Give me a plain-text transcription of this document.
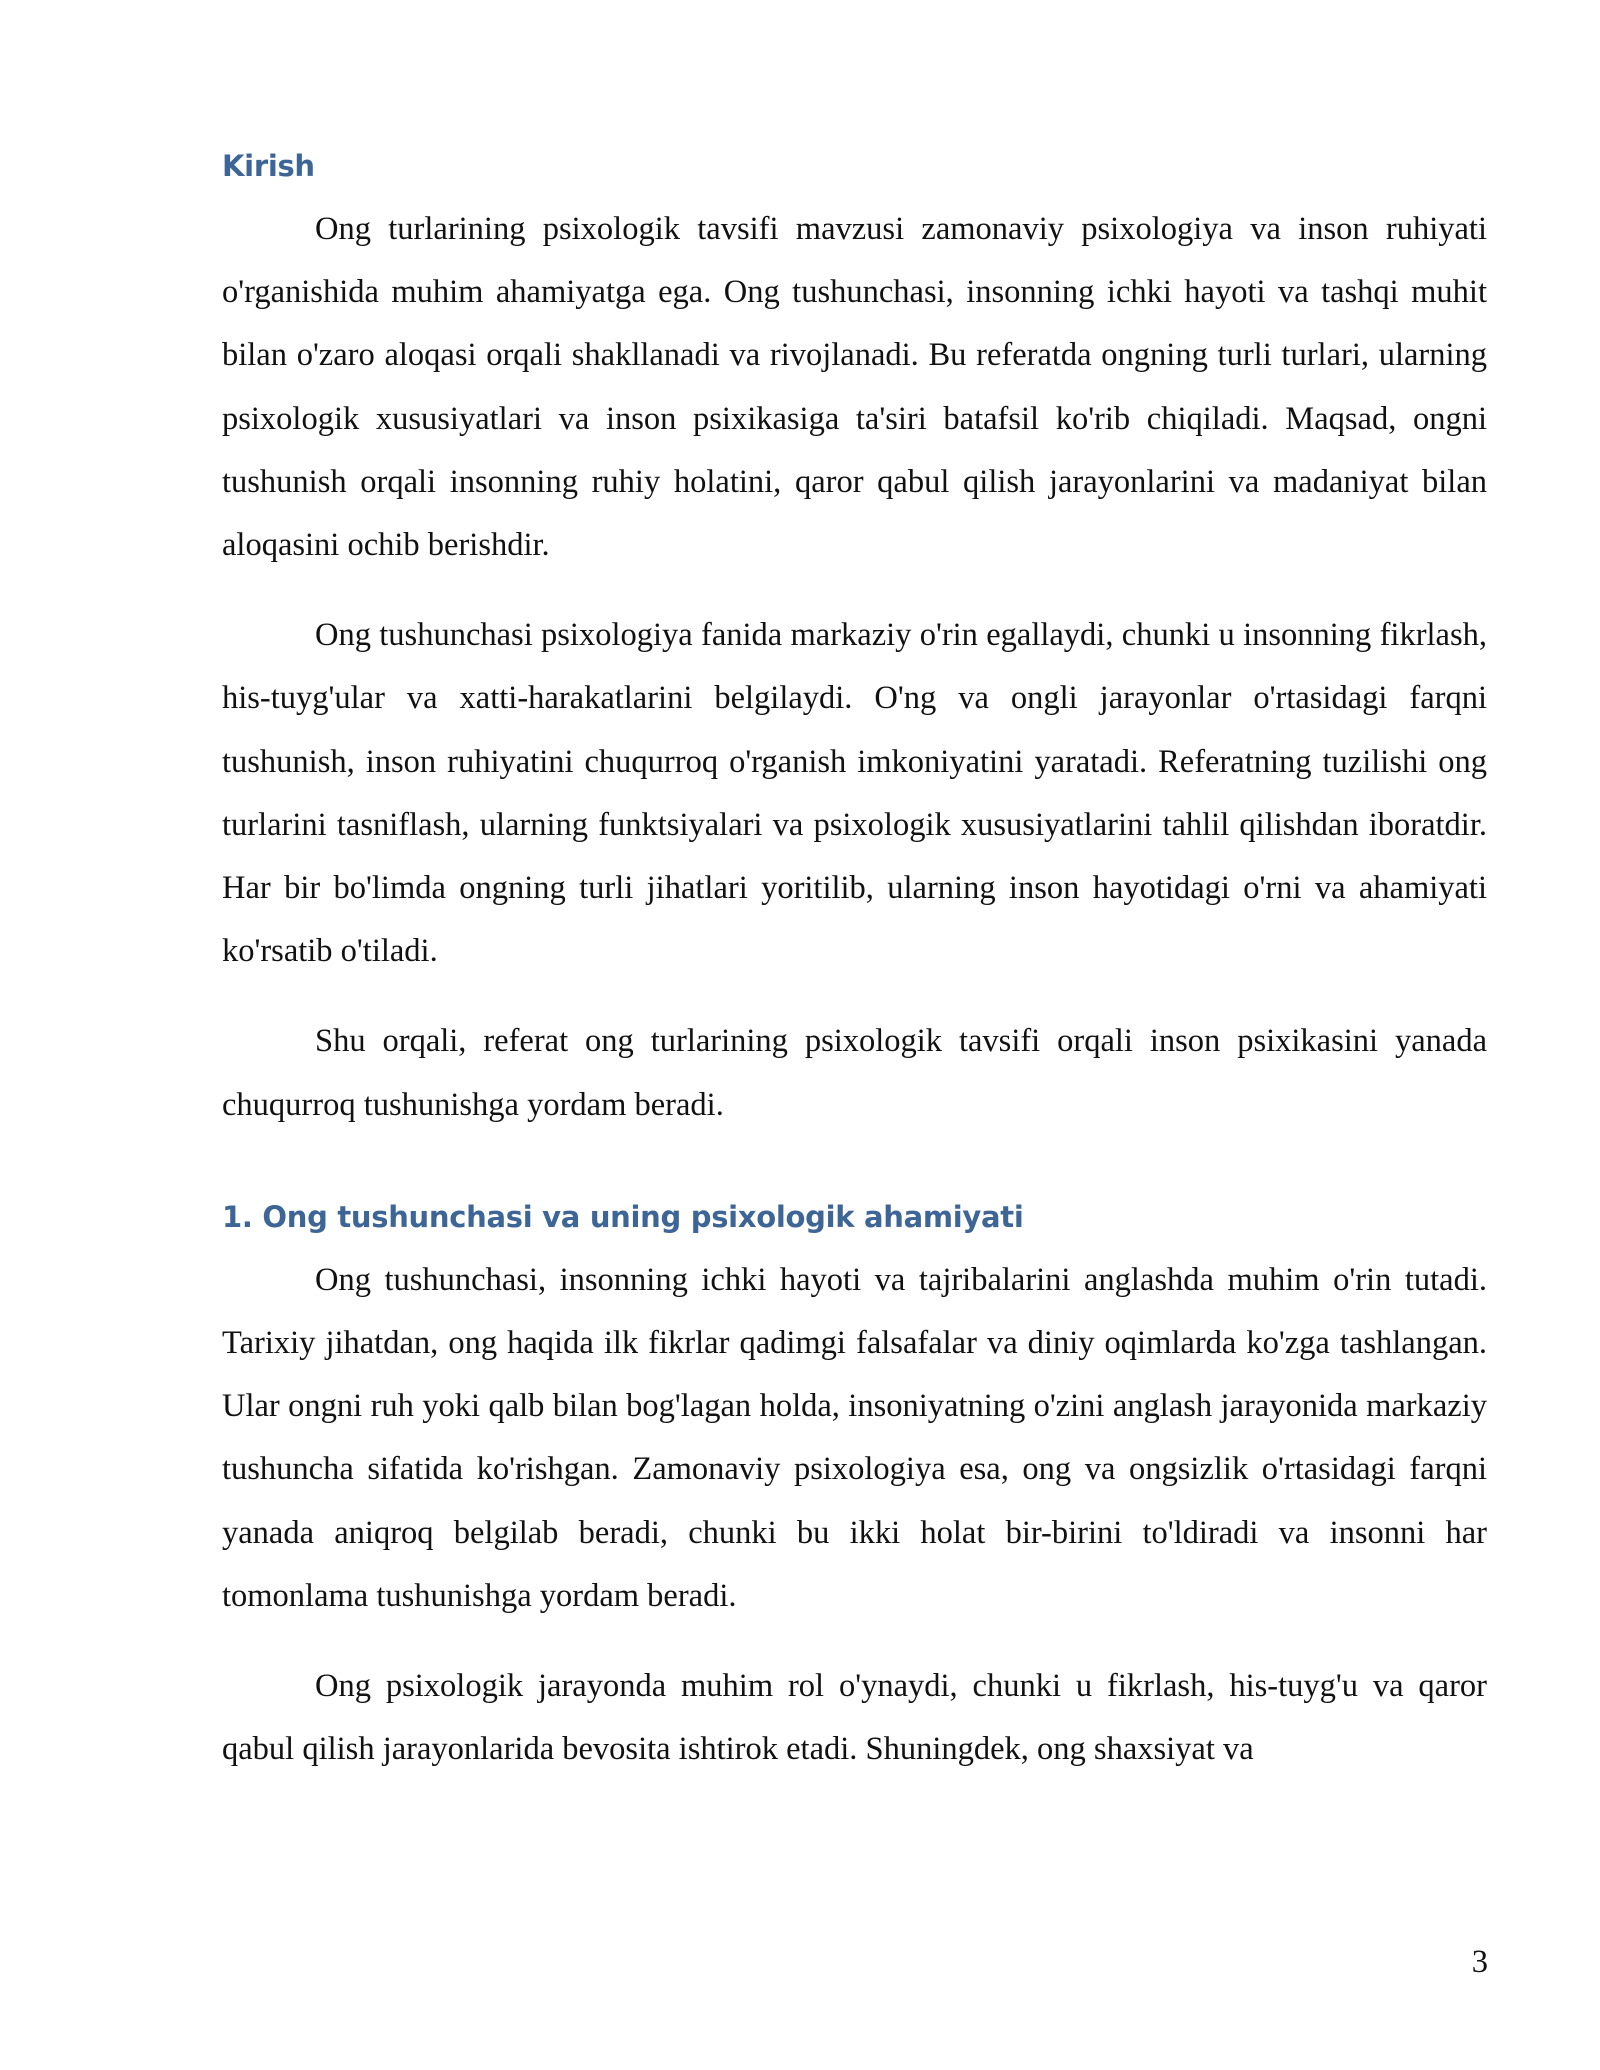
Kirish

Ong turlarining psixologik tavsifi mavzusi zamonaviy psixologiya va inson ruhiyati o'rganishida muhim ahamiyatga ega. Ong tushunchasi, insonning ichki hayoti va tashqi muhit bilan o'zaro aloqasi orqali shakllanadi va rivojlanadi. Bu referatda ongning turli turlari, ularning psixologik xususiyatlari va inson psixikasiga ta'siri batafsil ko'rib chiqiladi. Maqsad, ongni tushunish orqali insonning ruhiy holatini, qaror qabul qilish jarayonlarini va madaniyat bilan aloqasini ochib berishdir.

Ong tushunchasi psixologiya fanida markaziy o'rin egallaydi, chunki u insonning fikrlash, his-tuyg'ular va xatti-harakatlarini belgilaydi. O'ng va ongli jarayonlar o'rtasidagi farqni tushunish, inson ruhiyatini chuqurroq o'rganish imkoniyatini yaratadi. Referatning tuzilishi ong turlarini tasniflash, ularning funktsiyalari va psixologik xususiyatlarini tahlil qilishdan iboratdir. Har bir bo'limda ongning turli jihatlari yoritilib, ularning inson hayotidagi o'rni va ahamiyati ko'rsatib o'tiladi.

Shu orqali, referat ong turlarining psixologik tavsifi orqali inson psixikasini yanada chuqurroq tushunishga yordam beradi.

1. Ong tushunchasi va uning psixologik ahamiyati

Ong tushunchasi, insonning ichki hayoti va tajribalarini anglashda muhim o'rin tutadi. Tarixiy jihatdan, ong haqida ilk fikrlar qadimgi falsafalar va diniy oqimlarda ko'zga tashlangan. Ular ongni ruh yoki qalb bilan bog'lagan holda, insoniyatning o'zini anglash jarayonida markaziy tushuncha sifatida ko'rishgan. Zamonaviy psixologiya esa, ong va ongsizlik o'rtasidagi farqni yanada aniqroq belgilab beradi, chunki bu ikki holat bir-birini to'ldiradi va insonni har tomonlama tushunishga yordam beradi.

Ong psixologik jarayonda muhim rol o'ynaydi, chunki u fikrlash, his-tuyg'u va qaror qabul qilish jarayonlarida bevosita ishtirok etadi. Shuningdek, ong shaxsiyat va

3
